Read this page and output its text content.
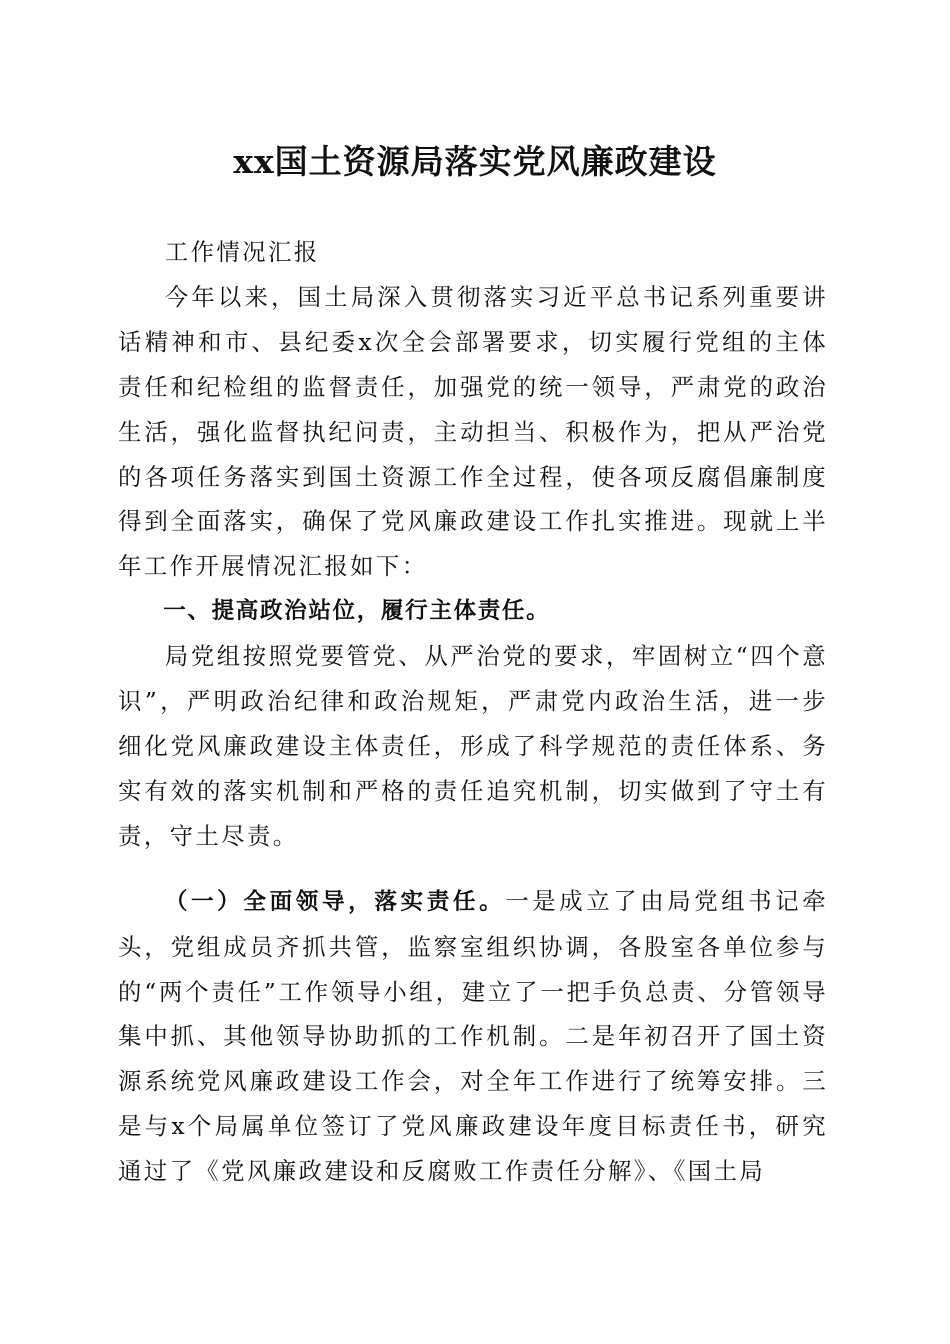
xx国土资源局落实党风廉政建设

工作情况汇报

今年以来，国土局深入贯彻落实习近平总书记系列重要讲话精神和市、县纪委x次全会部署要求，切实履行党组的主体责任和纪检组的监督责任，加强党的统一领导，严肃党的政治生活，强化监督执纪问责，主动担当、积极作为，把从严治党的各项任务落实到国土资源工作全过程，使各项反腐倡廉制度得到全面落实，确保了党风廉政建设工作扎实推进。现就上半年工作开展情况汇报如下：

一、提高政治站位，履行主体责任。

局党组按照党要管党、从严治党的要求，牢固树立“四个意识”，严明政治纪律和政治规矩，严肃党内政治生活，进一步细化党风廉政建设主体责任，形成了科学规范的责任体系、务实有效的落实机制和严格的责任追究机制，切实做到了守土有责，守土尽责。

（一）全面领导，落实责任。一是成立了由局党组书记牵头，党组成员齐抓共管，监察室组织协调，各股室各单位参与的“两个责任”工作领导小组，建立了一把手负总责、分管领导集中抓、其他领导协助抓的工作机制。二是年初召开了国土资源系统党风廉政建设工作会，对全年工作进行了统筹安排。三是与x个局属单位签订了党风廉政建设年度目标责任书，研究通过了《党风廉政建设和反腐败工作责任分解》、《国土局
